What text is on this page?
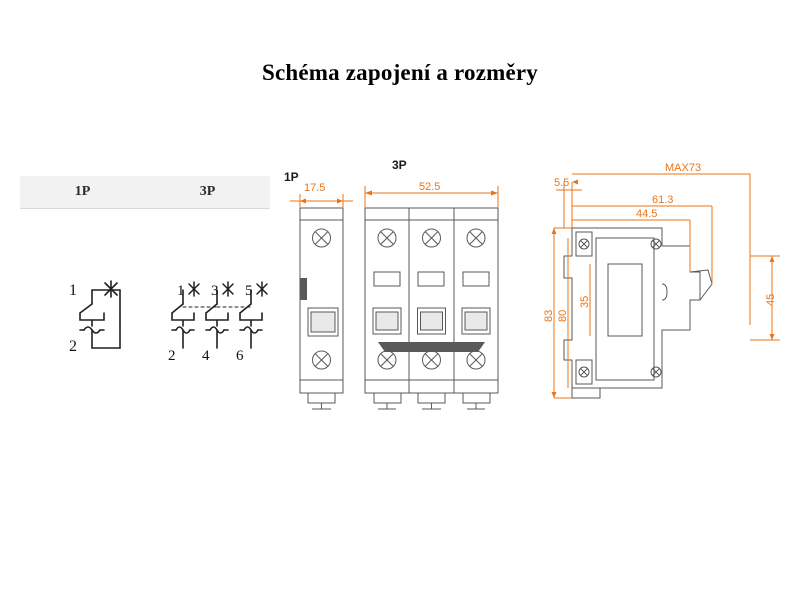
Schéma zapojení a rozměry
1P	3P
1
2
1 3 5
2 4 6
17.5	52.5
1P
3P
5.5
MAX73
61.3
44.5
83 80
35	45
